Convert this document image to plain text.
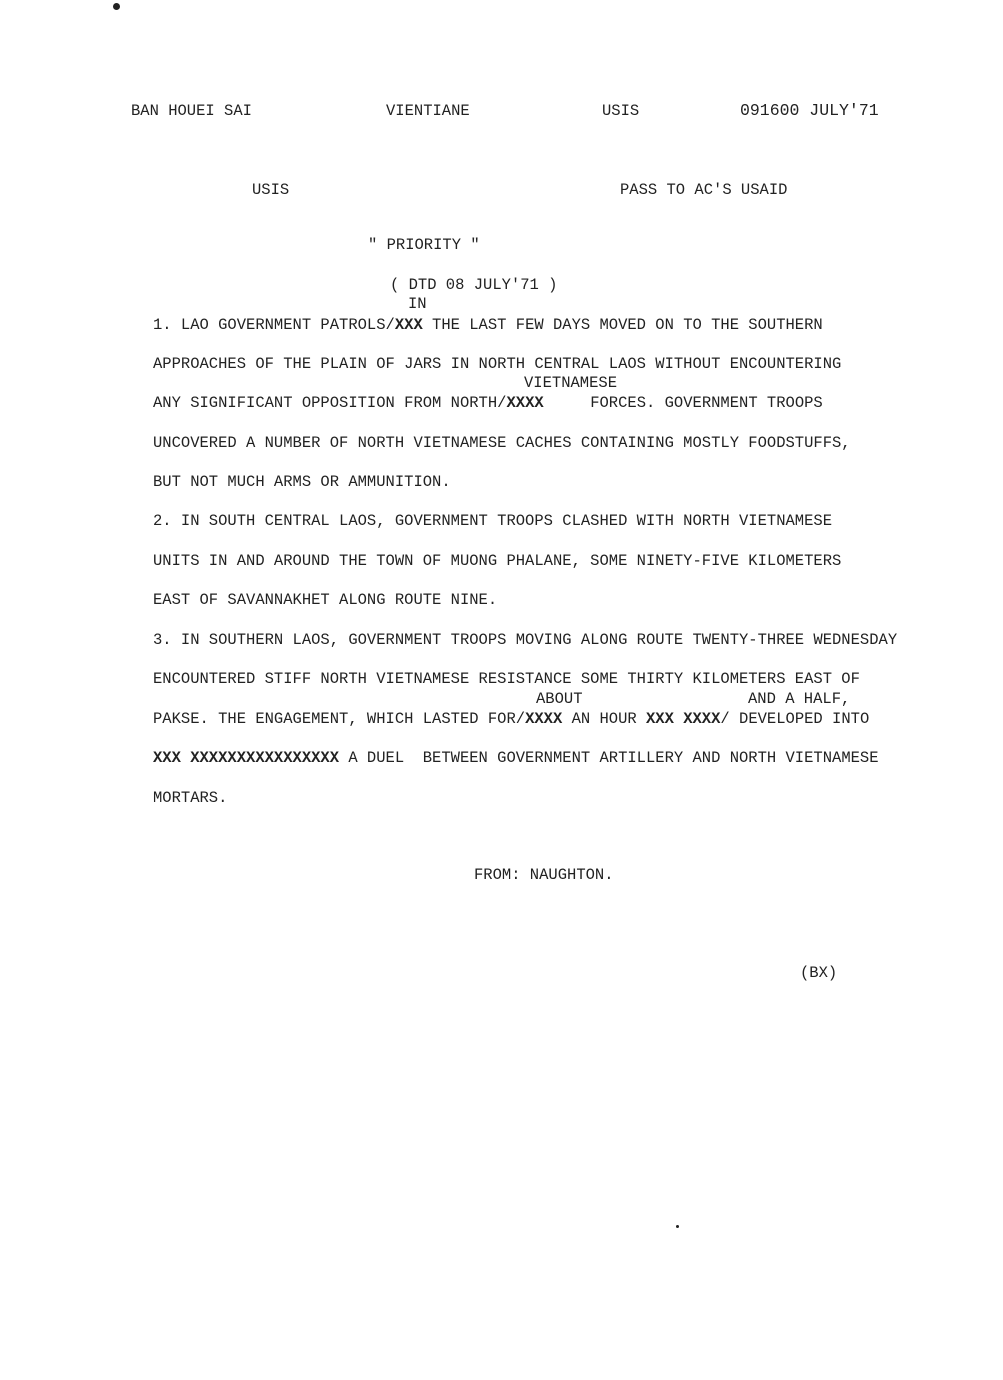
BAN HOUEI SAI	VIENTIANE	USIS	091600 JULY'71
USIS	PASS TO AC'S USAID
" PRIORITY "
( DTD 08 JULY'71 )
IN
1. LAO GOVERNMENT PATROLS/XXX THE LAST FEW DAYS MOVED ON TO THE SOUTHERN
APPROACHES OF THE PLAIN OF JARS IN NORTH CENTRAL LAOS WITHOUT ENCOUNTERING
VIETNAMESE
ANY SIGNIFICANT OPPOSITION FROM NORTH/XXXX     FORCES. GOVERNMENT TROOPS
UNCOVERED A NUMBER OF NORTH VIETNAMESE CACHES CONTAINING MOSTLY FOODSTUFFS,
BUT NOT MUCH ARMS OR AMMUNITION.
2. IN SOUTH CENTRAL LAOS, GOVERNMENT TROOPS CLASHED WITH NORTH VIETNAMESE
UNITS IN AND AROUND THE TOWN OF MUONG PHALANE, SOME NINETY-FIVE KILOMETERS
EAST OF SAVANNAKHET ALONG ROUTE NINE.
3. IN SOUTHERN LAOS, GOVERNMENT TROOPS MOVING ALONG ROUTE TWENTY-THREE WEDNESDAY
ENCOUNTERED STIFF NORTH VIETNAMESE RESISTANCE SOME THIRTY KILOMETERS EAST OF
ABOUT	AND A HALF,
PAKSE. THE ENGAGEMENT, WHICH LASTED FOR/XXXX AN HOUR XXX XXXX/ DEVELOPED INTO
XXX XXXXXXXXXXXXXXXX A DUEL  BETWEEN GOVERNMENT ARTILLERY AND NORTH VIETNAMESE
MORTARS.
FROM: NAUGHTON.
(BX)
